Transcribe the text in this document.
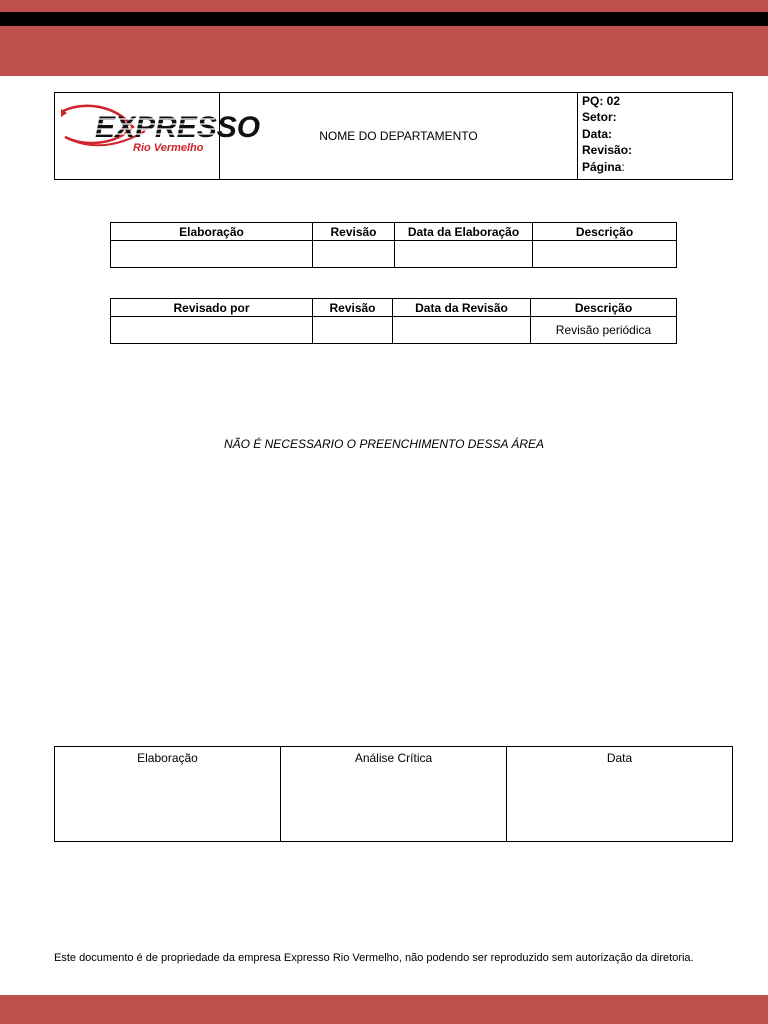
EXPRESSO
Rio Vermelho
	NOME DO DEPARTAMENTO	
PQ: 02
Setor:
Data:
Revisão:
Página:
Elaboração	Revisão	Data da Elaboração	Descrição

Revisado por	Revisão	Data da Revisão	Descrição
			Revisão periódica
NÃO É NECESSARIO O PREENCHIMENTO DESSA ÁREA
Elaboração	Análise Crítica	Data
Este documento é de propriedade da empresa Expresso Rio Vermelho, não podendo ser reproduzido sem autorização da diretoria.
